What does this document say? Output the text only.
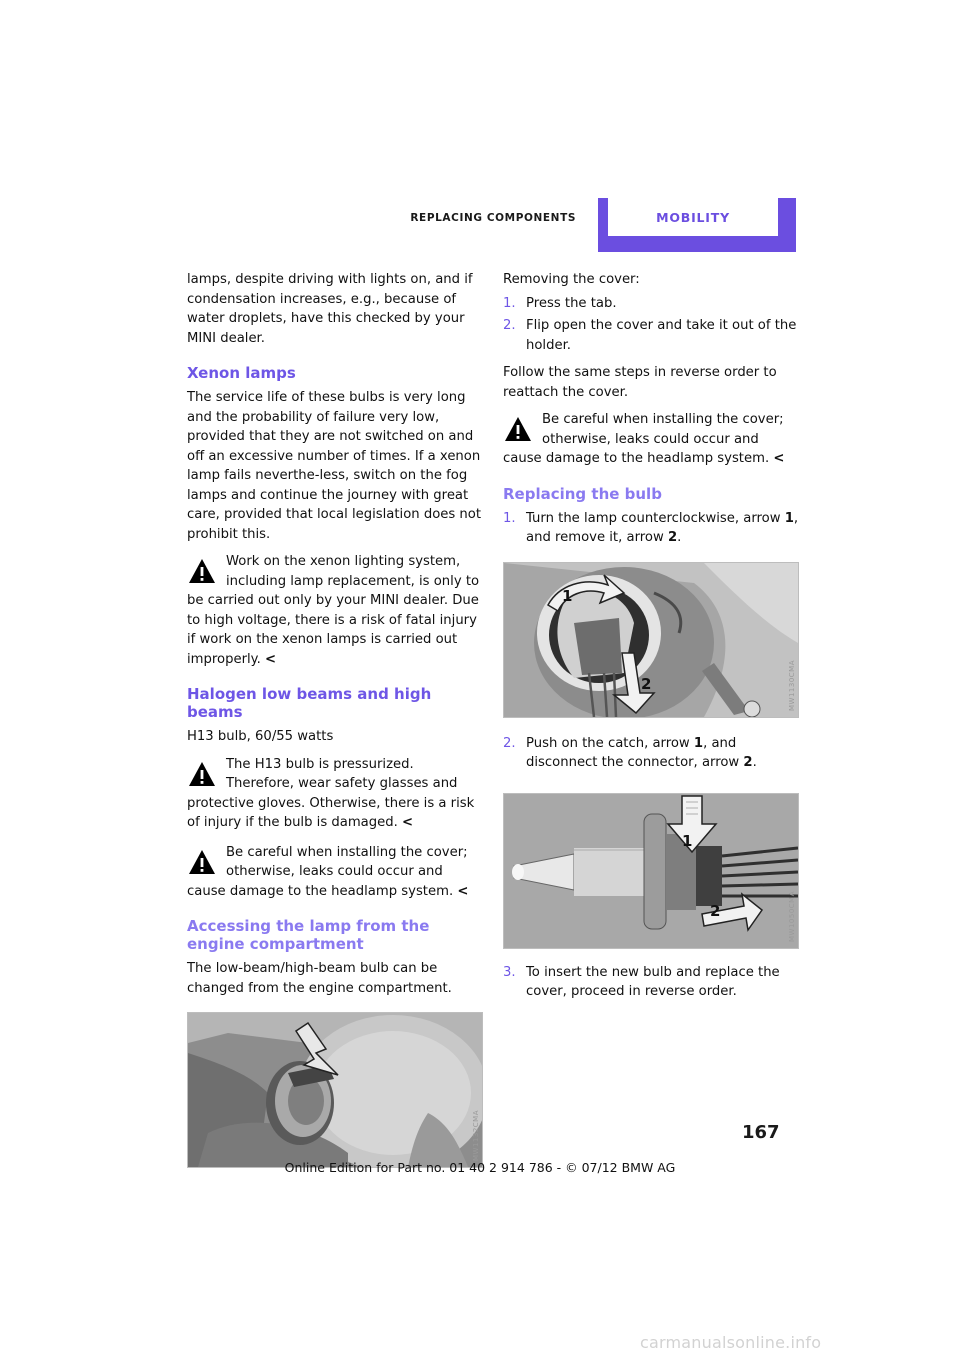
REPLACING COMPONENTS	MOBILITY

lamps, despite driving with lights on, and if condensation increases, e.g., because of water droplets, have this checked by your MINI dealer.

Xenon lamps

The service life of these bulbs is very long and the probability of failure very low, provided that they are not switched on and off an excessive number of times. If a xenon lamp fails neverthe-less, switch on the fog lamps and continue the journey with great care, provided that local legislation does not prohibit this.

Work on the xenon lighting system, including lamp replacement, is only to be carried out only by your MINI dealer. Due to high voltage, there is a risk of fatal injury if work on the xenon lamps is carried out improperly. <
Halogen low beams and high beams

H13 bulb, 60/55 watts

The H13 bulb is pressurized. Therefore, wear safety glasses and protective gloves. Otherwise, there is a risk of injury if the bulb is damaged. <
Be careful when installing the cover; otherwise, leaks could occur and cause damage to the headlamp system. <
Accessing the lamp from the engine compartment

The low-beam/high-beam bulb can be changed from the engine compartment.

MW1132CMA

Removing the cover:

1. Press the tab.
2. Flip open the cover and take it out of the holder.

Follow the same steps in reverse order to reattach the cover.

Be careful when installing the cover; otherwise, leaks could occur and cause damage to the headlamp system. <
Replacing the bulb
1. Turn the lamp counterclockwise, arrow 1, and remove it, arrow 2.
1
2	MW1130CMA
2. Push on the catch, arrow 1, and disconnect the connector, arrow 2.
1
2	MW1050CMA
3. To insert the new bulb and replace the cover, proceed in reverse order.
167
Online Edition for Part no. 01 40 2 914 786 - © 07/12 BMW AG
carmanualsonline.info
